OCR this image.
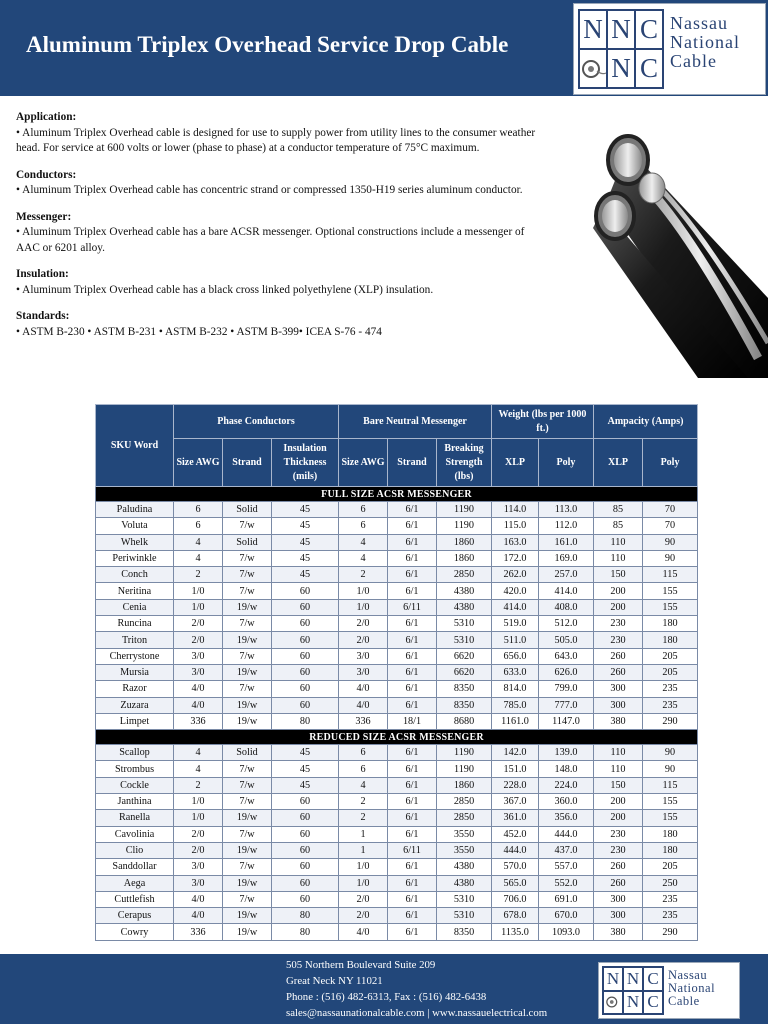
Aluminum Triplex Overhead Service Drop Cable
N N C
N C
Nassau
National
Cable
Application:
• Aluminum Triplex Overhead cable is designed for use to supply power from utility lines to the consumer weather head. For service at 600 volts or lower (phase to phase) at a conductor temperature of 75°C maximum.
Conductors:
• Aluminum Triplex Overhead cable has concentric strand or compressed 1350-H19 series aluminum conductor.
Messenger:
• Aluminum Triplex Overhead cable has a bare ACSR messenger. Optional constructions include a messenger of AAC or 6201 alloy.
Insulation:
• Aluminum Triplex Overhead cable has a black cross linked polyethylene (XLP) insulation.
Standards:
• ASTM B-230 • ASTM B-231 • ASTM B-232 • ASTM B-399• ICEA S-76 - 474
SKU Word	Phase Conductors			Bare Neutral Messenger			Weight (lbs per 1000 ft.)		Ampacity (Amps)	
	Size AWG	Strand	Insulation Thickness (mils)	Size AWG	Strand	Breaking Strength (lbs)	XLP	Poly	XLP	Poly
FULL SIZE ACSR MESSENGER										
Paludina	6	Solid	45	6	6/1	1190	114.0	113.0	85	70
Voluta	6	7/w	45	6	6/1	1190	115.0	112.0	85	70
Whelk	4	Solid	45	4	6/1	1860	163.0	161.0	110	90
Periwinkle	4	7/w	45	4	6/1	1860	172.0	169.0	110	90
Conch	2	7/w	45	2	6/1	2850	262.0	257.0	150	115
Neritina	1/0	7/w	60	1/0	6/1	4380	420.0	414.0	200	155
Cenia	1/0	19/w	60	1/0	6/11	4380	414.0	408.0	200	155
Runcina	2/0	7/w	60	2/0	6/1	5310	519.0	512.0	230	180
Triton	2/0	19/w	60	2/0	6/1	5310	511.0	505.0	230	180
Cherrystone	3/0	7/w	60	3/0	6/1	6620	656.0	643.0	260	205
Mursia	3/0	19/w	60	3/0	6/1	6620	633.0	626.0	260	205
Razor	4/0	7/w	60	4/0	6/1	8350	814.0	799.0	300	235
Zuzara	4/0	19/w	60	4/0	6/1	8350	785.0	777.0	300	235
Limpet	336	19/w	80	336	18/1	8680	1161.0	1147.0	380	290
REDUCED SIZE ACSR MESSENGER										
Scallop	4	Solid	45	6	6/1	1190	142.0	139.0	110	90
Strombus	4	7/w	45	6	6/1	1190	151.0	148.0	110	90
Cockle	2	7/w	45	4	6/1	1860	228.0	224.0	150	115
Janthina	1/0	7/w	60	2	6/1	2850	367.0	360.0	200	155
Ranella	1/0	19/w	60	2	6/1	2850	361.0	356.0	200	155
Cavolinia	2/0	7/w	60	1	6/1	3550	452.0	444.0	230	180
Clio	2/0	19/w	60	1	6/11	3550	444.0	437.0	230	180
Sanddollar	3/0	7/w	60	1/0	6/1	4380	570.0	557.0	260	205
Aega	3/0	19/w	60	1/0	6/1	4380	565.0	552.0	260	250
Cuttlefish	4/0	7/w	60	2/0	6/1	5310	706.0	691.0	300	235
Cerapus	4/0	19/w	80	2/0	6/1	5310	678.0	670.0	300	235
Cowry	336	19/w	80	4/0	6/1	8350	1135.0	1093.0	380	290
505 Northern Boulevard Suite 209
Great Neck NY 11021
Phone : (516) 482-6313, Fax : (516) 482-6438
sales@nassaunationalcable.com | www.nassauelectrical.com
N N C
N C
Nassau
National
Cable
